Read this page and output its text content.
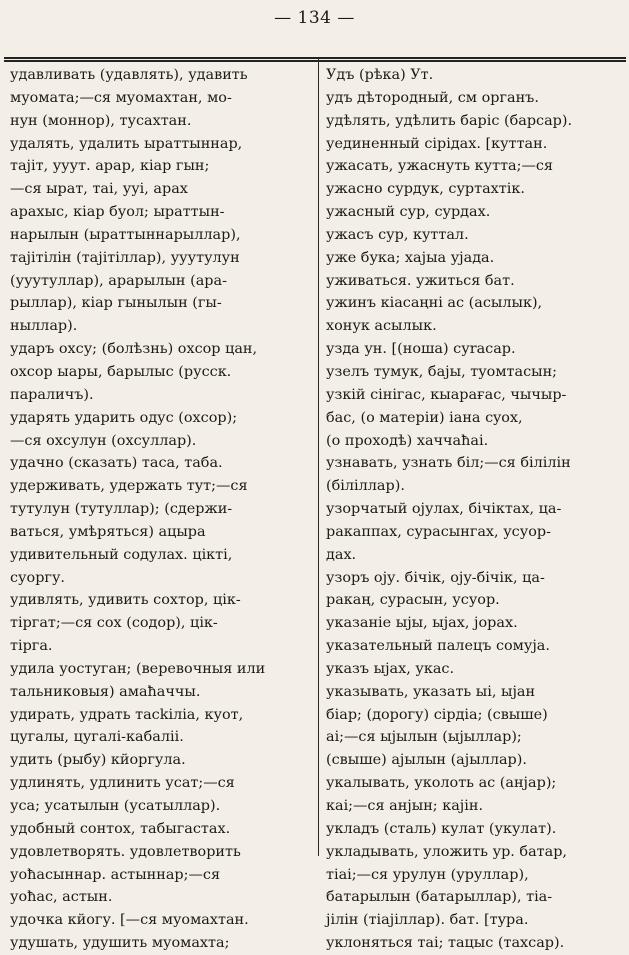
— 134 —
удавливать (удавлять), удавить
муомата;—ся муомахтан, мо-
нун (моннор), тусахтан.
удалять, удалить ыраттыннар,
тајіт, ууут. арар, кіар гын;
—ся ырат, таі, ууі, арах
арахыс, кіар буол; ыраттын-
нарылын (ыраттыннарыллар),
тајітілін (тајітіллар), ууутулун
(ууутуллар), арарылын (ара-
рыллар), кіар гынылын (гы-
ныллар).
ударъ охсу; (болѣзнь) охсор цан,
охсор ыары, барылыс (русск.
параличъ).
ударять ударить одус (охсор);
—ся охсулун (охсуллар).
удачно (сказать) таса, таба.
удерживать, удержать тут;—ся
тутулун (тутуллар); (сдержи-
ваться, умѣряться) ацыра
удивительный содулах. цікті,
суоргу.
удивлять, удивить сохтор, цік-
тіргат;—ся сох (содор), цік-
тіргa.
удила уостуган; (веревочныя или
тальниковыя) амаħаччы.
удирать, удрать тасkіліа, куот,
цугалы, цугалі-кабаліі.
удить (рыбу) кйоргула.
удлинять, удлинить усат;—ся
уса; усатылын (усатыллар).
удобный сонтох, табыгастах.
удовлетворять. удовлетворить
уоħасыннар. астыннар;—ся
уоħас, астын.
удочка кйогу. [—ся муомахтан.
удушать, удушить муомахта;
Удъ (рѣка) Ут.
удъ дѣтородный, см органъ.
удѣлять, удѣлить барiс (барсар).
уединенный сірідах. [куттан.
ужасать, ужаснуть кутта;—ся
ужасно сурдук, суртахтік.
ужасный сур, сурдах.
ужасъ сур, куттал.
уже бука; хајыа ујада.
уживаться. ужиться бат.
ужинъ кіасаңнi ас (асылык),
хонук асылык.
узда ун. [(ноша) суrасар.
узелъ тумук, бајы, туомтасын;
узкiй сінігас, кыарағас, чычыр-
бас, (о матерiи) iана сyox,
(о проходѣ) хаччаħаі.
узнавать, узнать біл;—ся білiлiн
(біліллар).
узорчатый ојулах, бічiктах, ца-
ракаппах, сурасынгах, усуор-
дах.
узоръ оју. бічiк, оју-бічiк, ца-
ракаң, сурасын, усуор.
указанiе ыјы, ыјах, јорах.
указательный палецъ сомуја.
указъ ыјах, укас.
указывать, указать ыі, ыjан
біар; (дорогу) сірдiа; (свыше)
аі;—ся ыјылын (ыјыллар);
(свыше) ајылын (ајыллар).
укалывать, уколоть ас (анјар);
каі;—ся анјын; кајiн.
укладъ (сталь) кулат (укулат).
укладывать, уложить ур. батар,
тiаі;—ся урулун (уруллар),
батарылын (батарыллар), тiа-
јілiн (тiајiллар). бат. [тура.
уклоняться таі; тацыс (тахсар).
